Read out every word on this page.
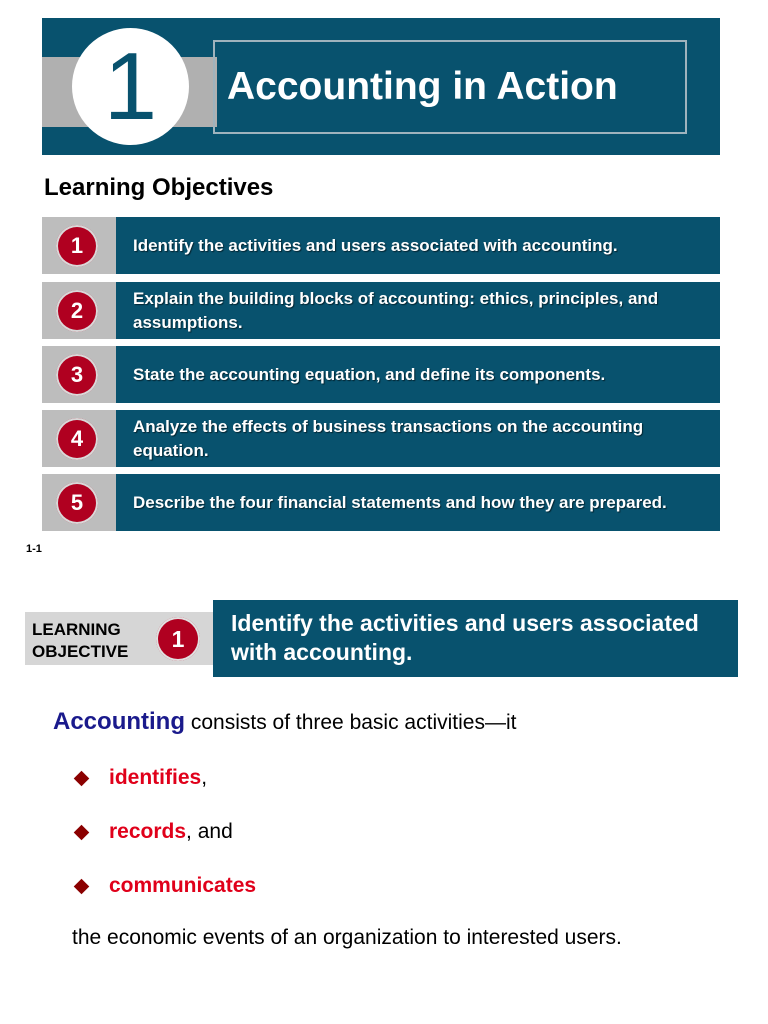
1	Accounting in Action
Learning Objectives
1	Identify the activities and users associated with accounting.
2	Explain the building blocks of accounting: ethics, principles, and assumptions.
3	State the accounting equation, and define its components.
4	Analyze the effects of business transactions on the accounting equation.
5	Describe the four financial statements and how they are prepared.
1-1
LEARNING
OBJECTIVE
1
Identify the activities and users associated with accounting.
Accounting consists of three basic activities—it
identifies ,
records , and
communicates
the economic events of an organization to interested users.
